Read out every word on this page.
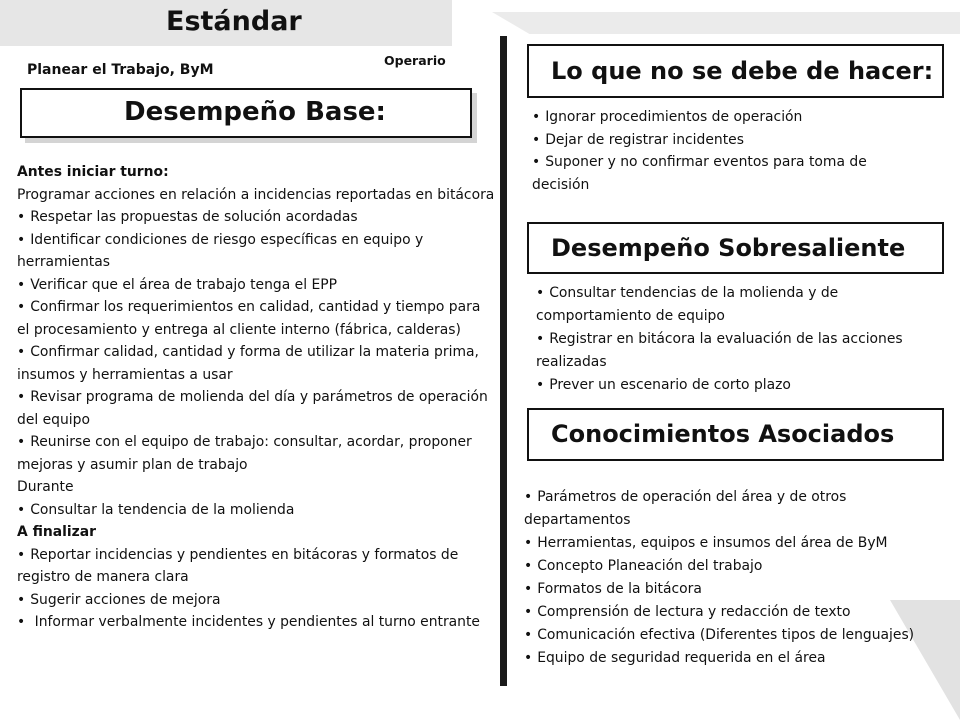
Estándar
Operario
Planear el Trabajo, ByM
Desempeño Base:
Antes iniciar turno:
Programar acciones en relación a incidencias reportadas en bitácora
• Respetar las propuestas de solución acordadas
• Identificar condiciones de riesgo específicas en equipo y herramientas
• Verificar que el área de trabajo tenga el EPP
• Confirmar los requerimientos en calidad, cantidad y tiempo para el procesamiento y entrega al cliente interno (fábrica, calderas)
• Confirmar calidad, cantidad y forma de utilizar la materia prima, insumos y herramientas a usar
• Revisar programa de molienda del día y parámetros de operación del equipo
• Reunirse con el equipo de trabajo: consultar, acordar, proponer mejoras y asumir plan de trabajo
Durante
• Consultar la tendencia de la molienda
A finalizar
• Reportar incidencias y pendientes en bitácoras y formatos de registro de manera clara
• Sugerir acciones de mejora
• Informar verbalmente incidentes y pendientes al turno entrante
Lo que no se debe de hacer:
• Ignorar procedimientos de operación
• Dejar de registrar incidentes
• Suponer y no confirmar eventos para toma de decisión
Desempeño Sobresaliente
• Consultar tendencias de la molienda y de comportamiento de equipo
• Registrar en bitácora la evaluación de las acciones realizadas
• Prever un escenario de corto plazo
Conocimientos Asociados
• Parámetros de operación del área y de otros departamentos
• Herramientas, equipos e insumos del área de ByM
• Concepto Planeación del trabajo
• Formatos de la bitácora
• Comprensión de lectura y redacción de texto
• Comunicación efectiva (Diferentes tipos de lenguajes)
• Equipo de seguridad requerida en el área
